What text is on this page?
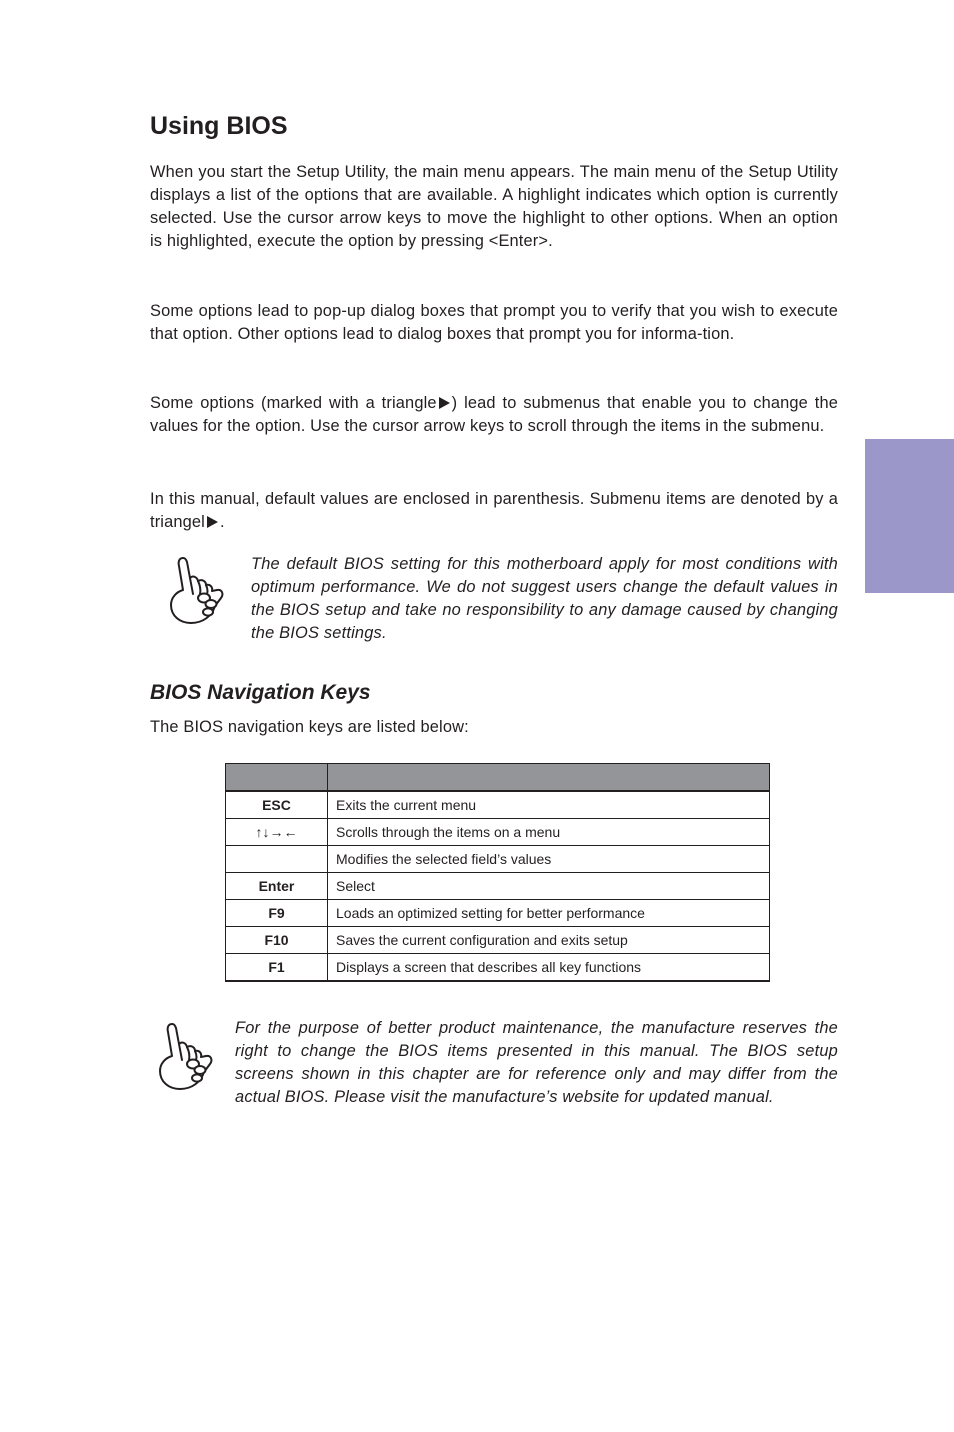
Using BIOS

When you start the Setup Utility, the main menu appears. The main menu of the Setup Utility displays a list of the options that are available. A highlight indicates which option is currently selected. Use the cursor arrow keys to move the highlight to other options. When an option is highlighted, execute the option by pressing <Enter>.

Some options lead to pop-up dialog boxes that prompt you to verify that you wish to execute that option. Other options lead to dialog boxes that prompt you for informa-tion.

Some options (marked with a triangle ) lead to submenus that enable you to change the values for the option. Use the cursor arrow keys to scroll through the items in the submenu.

In this manual, default values are enclosed in parenthesis. Submenu items are denoted by a triangel .

The default BIOS setting for this motherboard apply for most conditions with optimum performance. We do not suggest users change the default values in the BIOS setup and take no responsibility to any damage caused by changing the BIOS settings.

BIOS Navigation Keys

The BIOS navigation keys are listed below:

ESC	Exits the current menu
↑↓→←	Scrolls through the items on a menu
	Modifies the selected field’s values
Enter	Select
F9	Loads an optimized setting for better performance
F10	Saves the current configuration and exits setup
F1	Displays a screen that describes all key functions

For the purpose of better product maintenance, the manufacture reserves the right to change the BIOS items presented in this manual. The BIOS setup screens shown in this chapter are for reference only and may differ from the actual BIOS. Please visit the manufacture’s website for updated manual.
